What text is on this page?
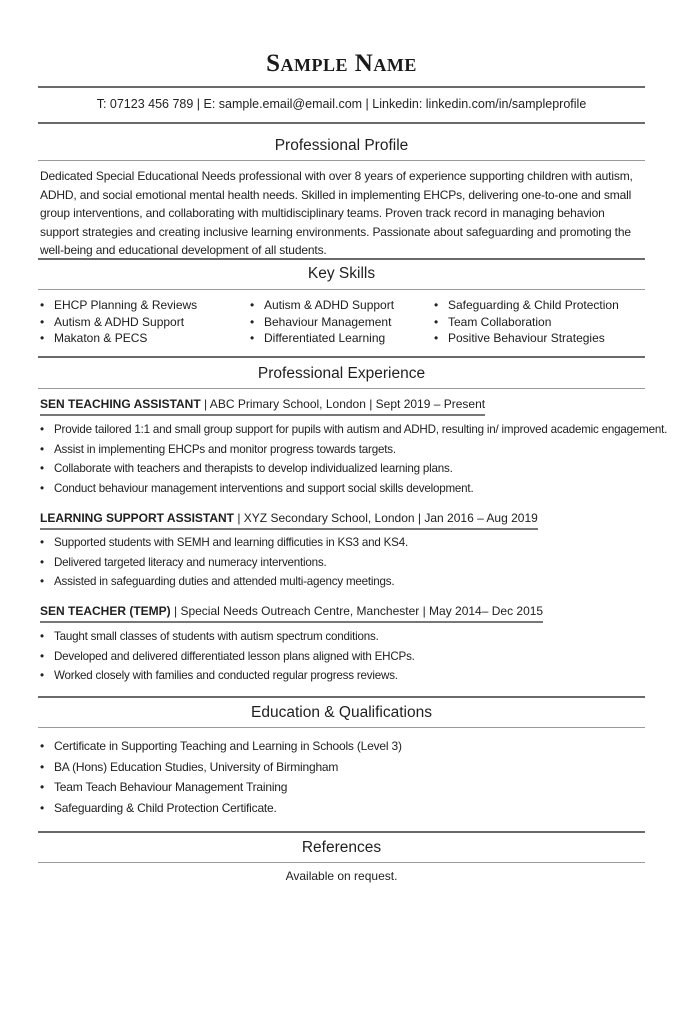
Sample Name
T: 07123 456 789 | E: sample.email@email.com | Linkedin: linkedin.com/in/sampleprofile
Professional Profile
Dedicated Special Educational Needs professional with over 8 years of experience supporting children with autism, ADHD, and social emotional mental health needs. Skilled in implementing EHCPs, delivering one-to-one and small group interventions, and collaborating with multidisciplinary teams. Proven track record in managing behavion support strategies and creating inclusive learning environments. Passionate about safeguarding and promoting the well-being and educational development of all students.
Key Skills
• EHCP Planning & Reviews
• Autism & ADHD Support
• Makaton & PECS
• Autism & ADHD Support
• Behaviour Management
• Differentiated Learning
• Safeguarding & Child Protection
• Team Collaboration
• Positive Behaviour Strategies
Professional Experience
SEN TEACHING ASSISTANT | ABC Primary School, London | Sept 2019 – Present
• Provide tailored 1:1 and small group support for pupils with autism and ADHD, resulting in/ improved academic engagement.
• Assist in implementing EHCPs and monitor progress towards targets.
• Collaborate with teachers and therapists to develop individualized learning plans.
• Conduct behaviour management interventions and support social skills development.
LEARNING SUPPORT ASSISTANT | XYZ Secondary School, London | Jan 2016 – Aug 2019
• Supported students with SEMH and learning difficuties in KS3 and KS4.
• Delivered targeted literacy and numeracy interventions.
• Assisted in safeguarding duties and attended multi-agency meetings.
SEN TEACHER (TEMP) | Special Needs Outreach Centre, Manchester | May 2014– Dec 2015
• Taught small classes of students with autism spectrum conditions.
• Developed and delivered differentiated lesson plans aligned with EHCPs.
• Worked closely with families and conducted regular progress reviews.
Education & Qualifications
• Certificate in Supporting Teaching and Learning in Schools (Level 3)
• BA (Hons) Education Studies, University of Birmingham
• Team Teach Behaviour Management Training
• Safeguarding & Child Protection Certificate.
References
Available on request.
